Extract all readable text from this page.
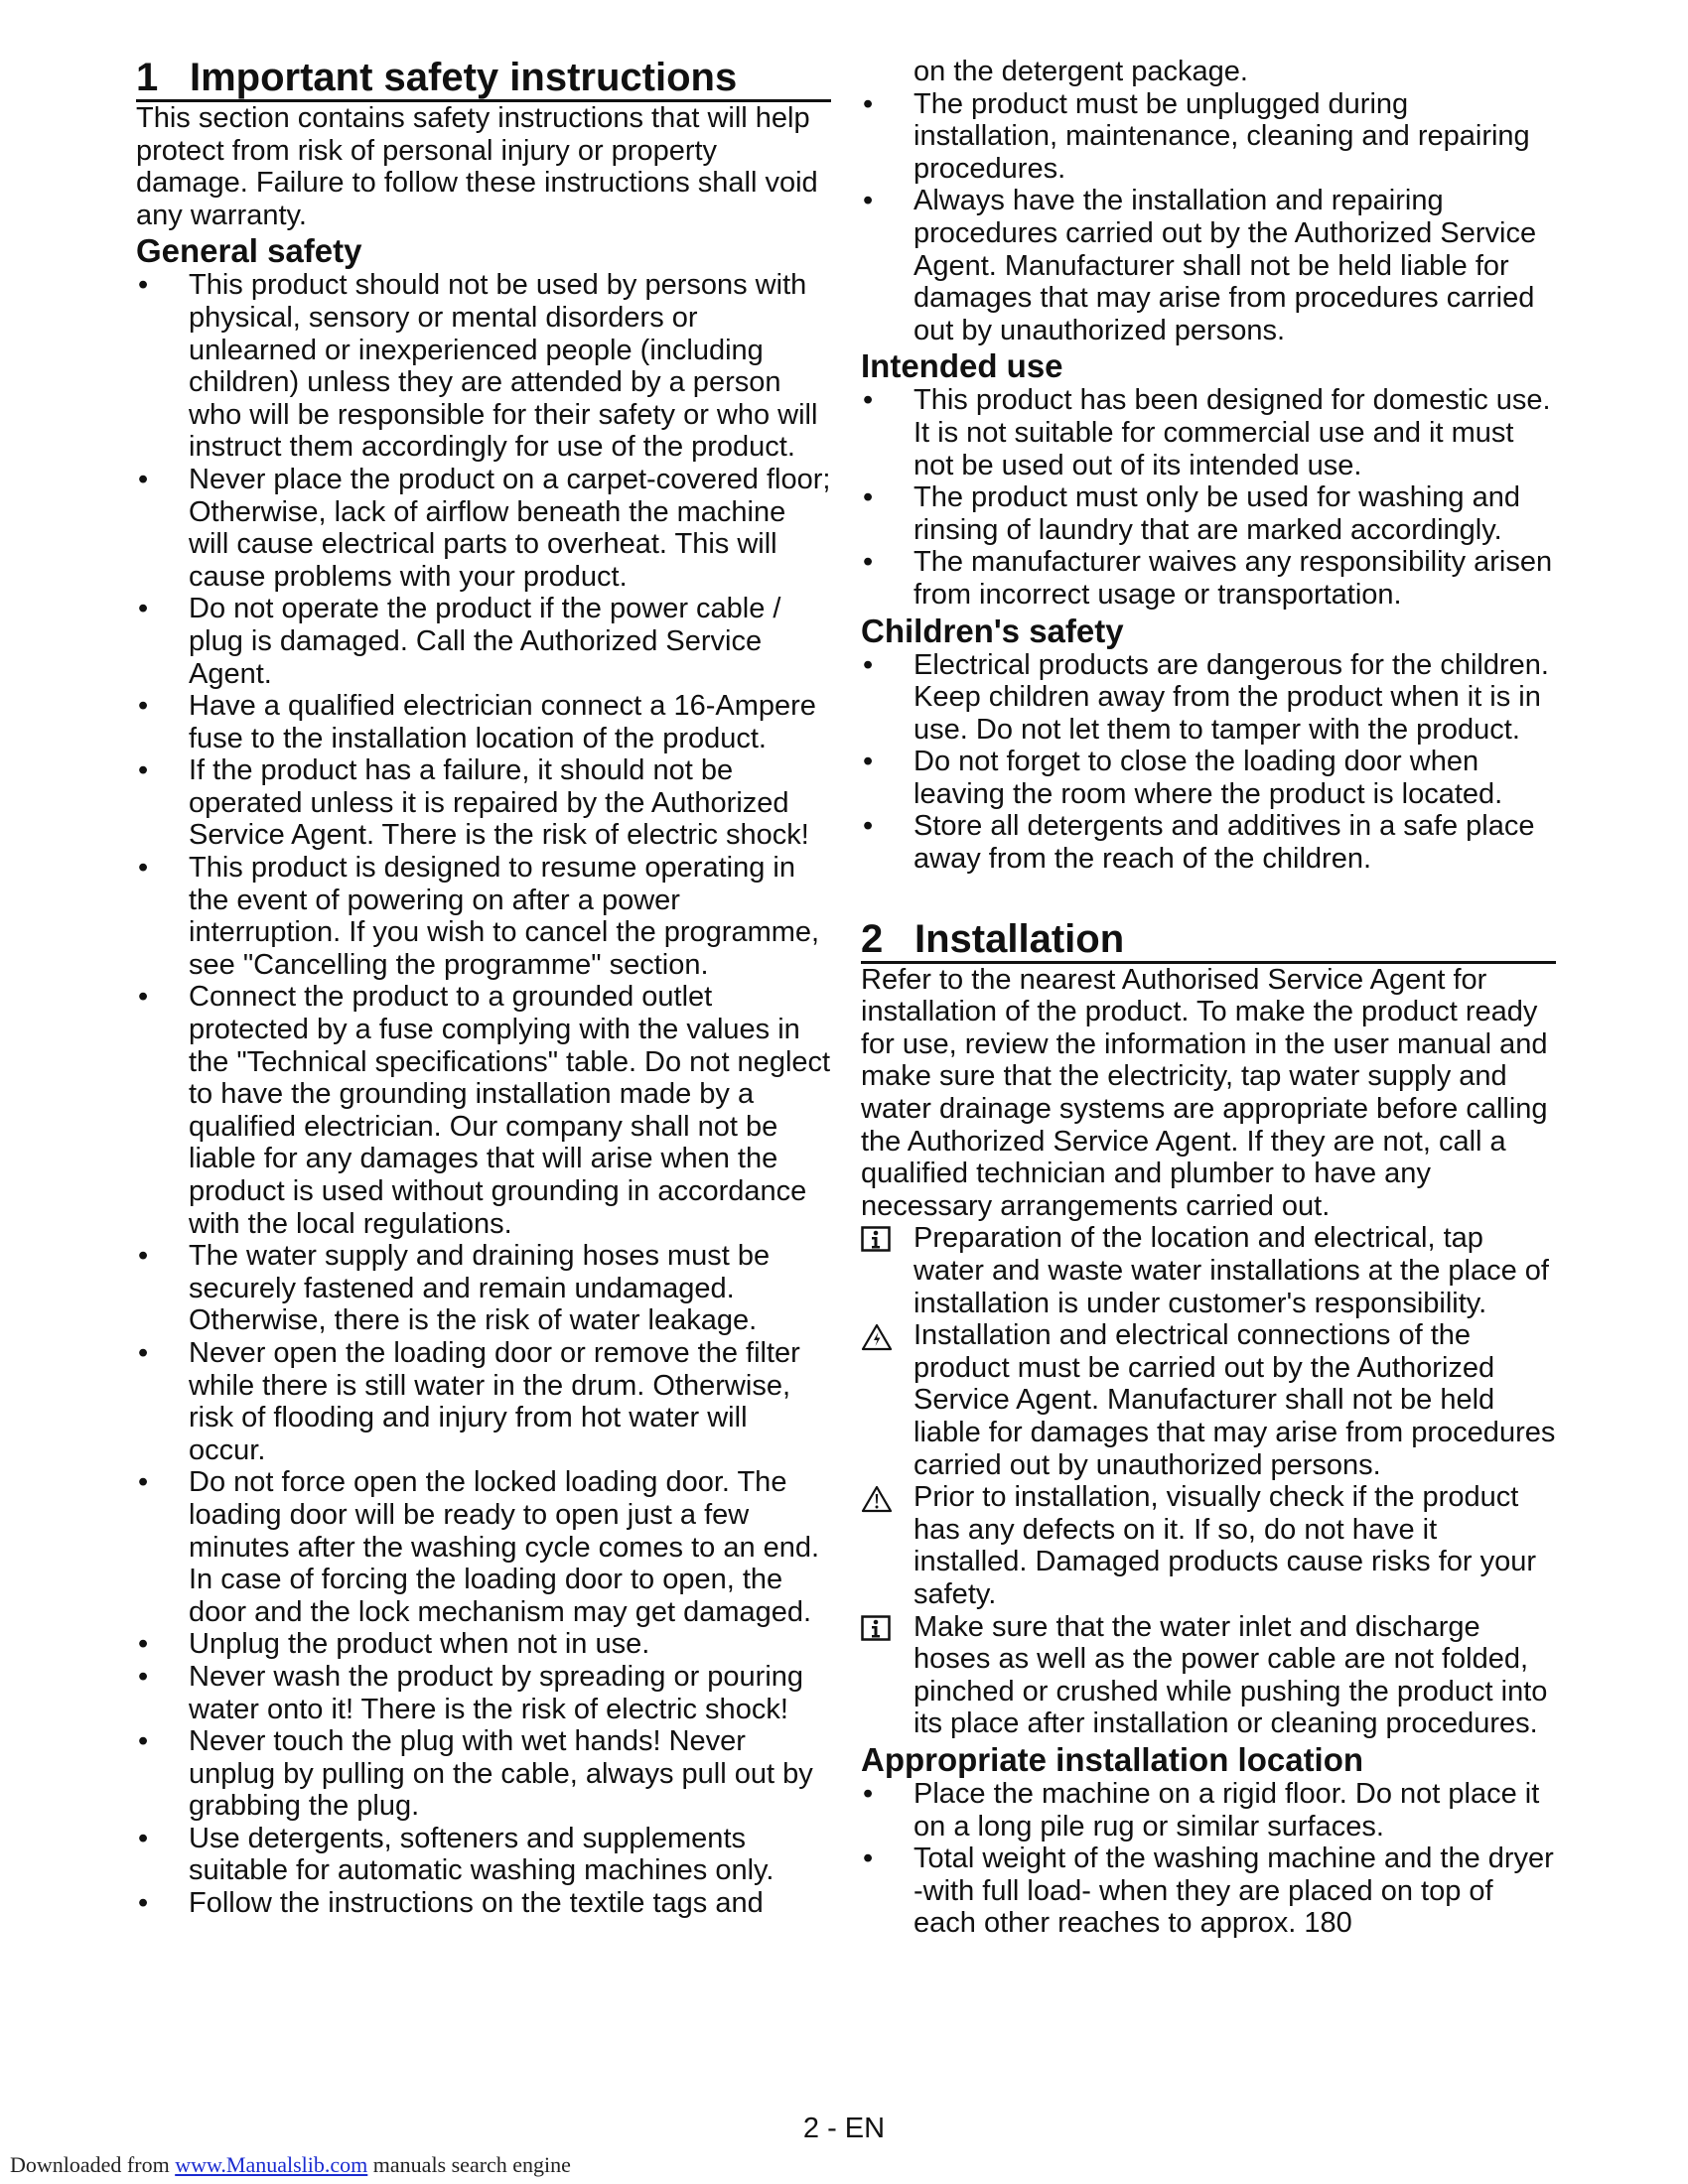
1 Important safety instructions

This section contains safety instructions that will help protect from risk of personal injury or property damage. Failure to follow these instructions shall void any warranty.

General safety
•	This product should not be used by persons with physical, sensory or mental disorders or unlearned or inexperienced people (including children) unless they are attended by a person who will be responsible for their safety or who will instruct them accordingly for use of the product.
•	Never place the product on a carpet-covered floor; Otherwise, lack of airflow beneath the machine will cause electrical parts to overheat. This will cause problems with your product.
•	Do not operate the product if the power cable / plug is damaged. Call the Authorized Service Agent.
•	Have a qualified electrician connect a 16-Ampere fuse to the installation location of the product.
•	If the product has a failure, it should not be operated unless it is repaired by the Authorized Service Agent. There is the risk of electric shock!
•	This product is designed to resume operating in the event of powering on after a power interruption. If you wish to cancel the programme, see "Cancelling the programme" section.
•	Connect the product to a grounded outlet protected by a fuse complying with the values in the "Technical specifications" table. Do not neglect to have the grounding installation made by a qualified electrician. Our company shall not be liable for any damages that will arise when the product is used without grounding in accordance with the local regulations.
•	The water supply and draining hoses must be securely fastened and remain undamaged. Otherwise, there is the risk of water leakage.
•	Never open the loading door or remove the filter while there is still water in the drum. Otherwise, risk of flooding and injury from hot water will occur.
•	Do not force open the locked loading door. The loading door will be ready to open just a few minutes after the washing cycle comes to an end. In case of forcing the loading door to open, the door and the lock mechanism may get damaged.
•	Unplug the product when not in use.
•	Never wash the product by spreading or pouring water onto it! There is the risk of electric shock!
•	Never touch the plug with wet hands! Never unplug by pulling on the cable, always pull out by grabbing the plug.
•	Use detergents, softeners and supplements suitable for automatic washing machines only.
•	Follow the instructions on the textile tags and

on the detergent package.

•	The product must be unplugged during installation, maintenance, cleaning and repairing procedures.
•	Always have the installation and repairing procedures carried out by the Authorized Service Agent. Manufacturer shall not be held liable for damages that may arise from procedures carried out by unauthorized persons.
Intended use
•	This product has been designed for domestic use. It is not suitable for commercial use and it must not be used out of its intended use.
•	The product must only be used for washing and rinsing of laundry that are marked accordingly.
•	The manufacturer waives any responsibility arisen from incorrect usage or transportation.
Children's safety
•	Electrical products are dangerous for the children. Keep children away from the product when it is in use. Do not let them to tamper with the product.
•	Do not forget to close the loading door when leaving the room where the product is located.
•	Store all detergents and additives in a safe place away from the reach of the children.
2 Installation

Refer to the nearest Authorised Service Agent for installation of the product. To make the product ready for use, review the information in the user manual and make sure that the electricity, tap water supply and water drainage systems are appropriate before calling the Authorized Service Agent. If they are not, call a qualified technician and plumber to have any necessary arrangements carried out.

Preparation of the location and electrical, tap water and waste water installations at the place of installation is under customer's responsibility.
Installation and electrical connections of the product must be carried out by the Authorized Service Agent. Manufacturer shall not be held liable for damages that may arise from procedures carried out by unauthorized persons.
Prior to installation, visually check if the product has any defects on it. If so, do not have it installed. Damaged products cause risks for your safety.
Make sure that the water inlet and discharge hoses as well as the power cable are not folded, pinched or crushed while pushing the product into its place after installation or cleaning procedures.
Appropriate installation location
•	Place the machine on a rigid floor. Do not place it on a long pile rug or similar surfaces.
•	Total weight of the washing machine and the dryer -with full load- when they are placed on top of each other reaches to approx. 180
2 - EN
Downloaded from www.Manualslib.com manuals search engine
